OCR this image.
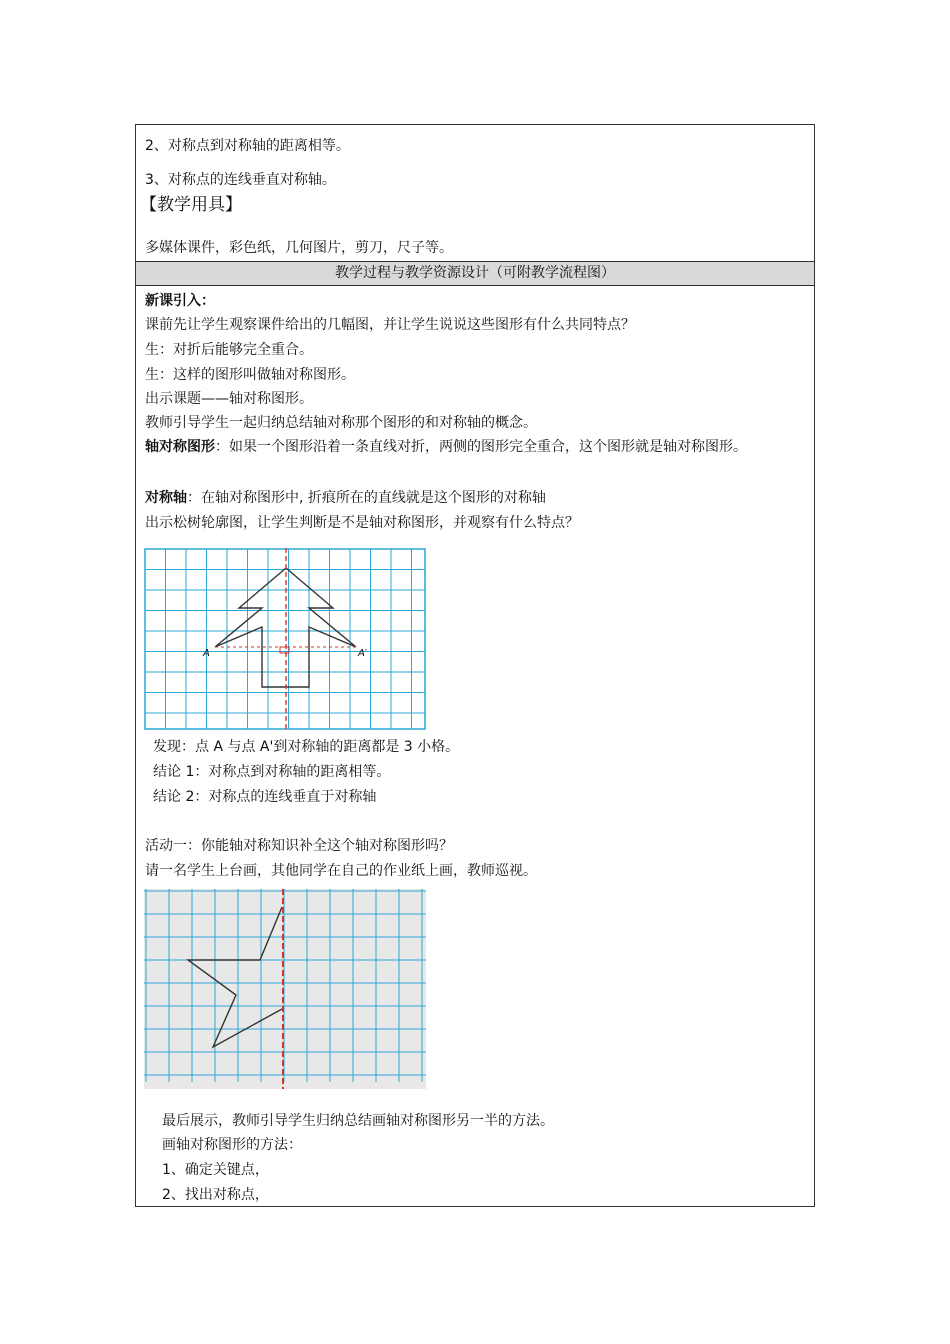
2、对称点到对称轴的距离相等。
3、对称点的连线垂直对称轴。
【教学用具】
多媒体课件，彩色纸，几何图片，剪刀，尺子等。
教学过程与教学资源设计（可附教学流程图）
新课引入：
课前先让学生观察课件给出的几幅图，并让学生说说这些图形有什么共同特点？
生：对折后能够完全重合。
生：这样的图形叫做轴对称图形。
出示课题——轴对称图形。
教师引导学生一起归纳总结轴对称那个图形的和对称轴的概念。
轴对称图形：如果一个图形沿着一条直线对折，两侧的图形完全重合，这个图形就是轴对称图形。
对称轴：在轴对称图形中, 折痕所在的直线就是这个图形的对称轴
出示松树轮廓图，让学生判断是不是轴对称图形，并观察有什么特点？
A	A′
发现：点 A 与点 A'到对称轴的距离都是 3 小格。
结论 1：对称点到对称轴的距离相等。
结论 2：对称点的连线垂直于对称轴
活动一：你能轴对称知识补全这个轴对称图形吗？
请一名学生上台画，其他同学在自己的作业纸上画，教师巡视。
最后展示，教师引导学生归纳总结画轴对称图形另一半的方法。
画轴对称图形的方法：
1、确定关键点，
2、找出对称点，
